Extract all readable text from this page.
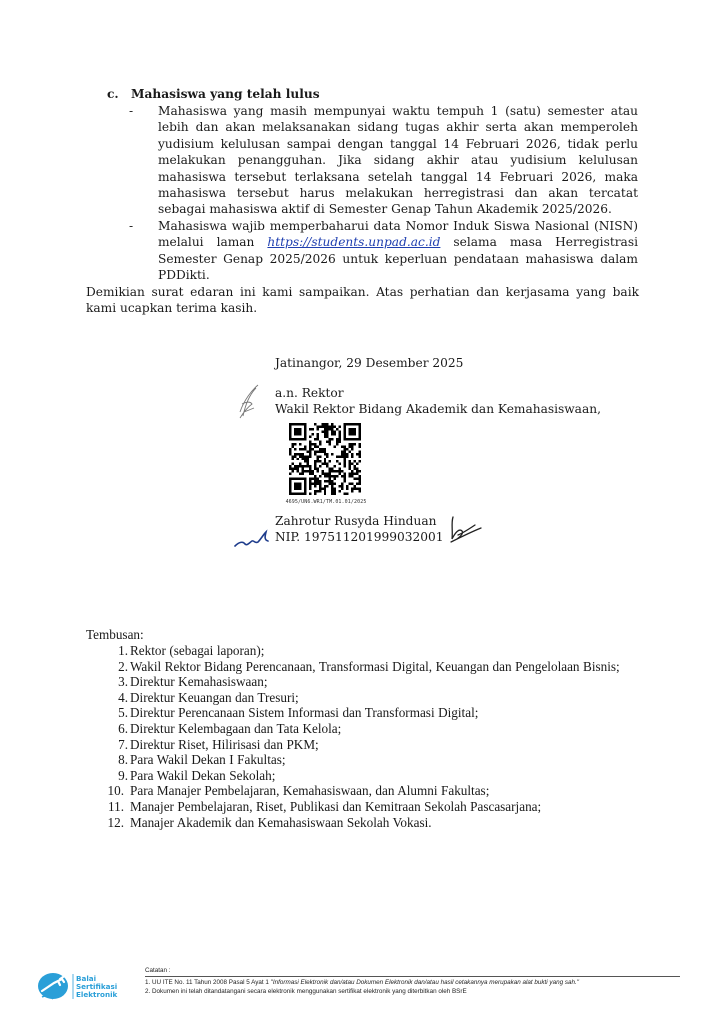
c. Mahasiswa yang telah lulus
- Mahasiswa yang masih mempunyai waktu tempuh 1 (satu) semester atau lebih dan akan melaksanakan sidang tugas akhir serta akan memperoleh yudisium kelulusan sampai dengan tanggal 14 Februari 2026, tidak perlu melakukan penangguhan. Jika sidang akhir atau yudisium kelulusan mahasiswa tersebut terlaksana setelah tanggal 14 Februari 2026, maka mahasiswa tersebut harus melakukan herregistrasi dan akan tercatat sebagai mahasiswa aktif di Semester Genap Tahun Akademik 2025/2026.

- Mahasiswa wajib memperbaharui data Nomor Induk Siswa Nasional (NISN) melalui laman https://students.unpad.ac.id selama masa Herregistrasi Semester Genap 2025/2026 untuk keperluan pendataan mahasiswa dalam PDDikti.

Demikian surat edaran ini kami sampaikan. Atas perhatian dan kerjasama yang baik kami ucapkan terima kasih.
Jatinangor, 29 Desember 2025
a.n. Rektor
Wakil Rektor Bidang Akademik dan Kemahasiswaan,
4695/UN6.WR1/TM.01.01/2025
Zahrotur Rusyda Hinduan
NIP. 197511201999032001
Tembusan:
1. Rektor (sebagai laporan);
2. Wakil Rektor Bidang Perencanaan, Transformasi Digital, Keuangan dan Pengelolaan Bisnis;
3. Direktur Kemahasiswaan;
4. Direktur Keuangan dan Tresuri;
5. Direktur Perencanaan Sistem Informasi dan Transformasi Digital;
6. Direktur Kelembagaan dan Tata Kelola;
7. Direktur Riset, Hilirisasi dan PKM;
8. Para Wakil Dekan I Fakultas;
9. Para Wakil Dekan Sekolah;
10. Para Manajer Pembelajaran, Kemahasiswaan, dan Alumni Fakultas;
11. Manajer Pembelajaran, Riset, Publikasi dan Kemitraan Sekolah Pascasarjana;
12. Manajer Akademik dan Kemahasiswaan Sekolah Vokasi.
Balai
Sertifikasi
Elektronik
Catatan :
1. UU ITE No. 11 Tahun 2008 Pasal 5 Ayat 1 "Informasi Elektronik dan/atau Dokumen Elektronik dan/atau hasil cetakannya merupakan alat bukti yang sah."
2. Dokumen ini telah ditandatangani secara elektronik menggunakan sertifikat elektronik yang diterbitkan oleh BSrE
